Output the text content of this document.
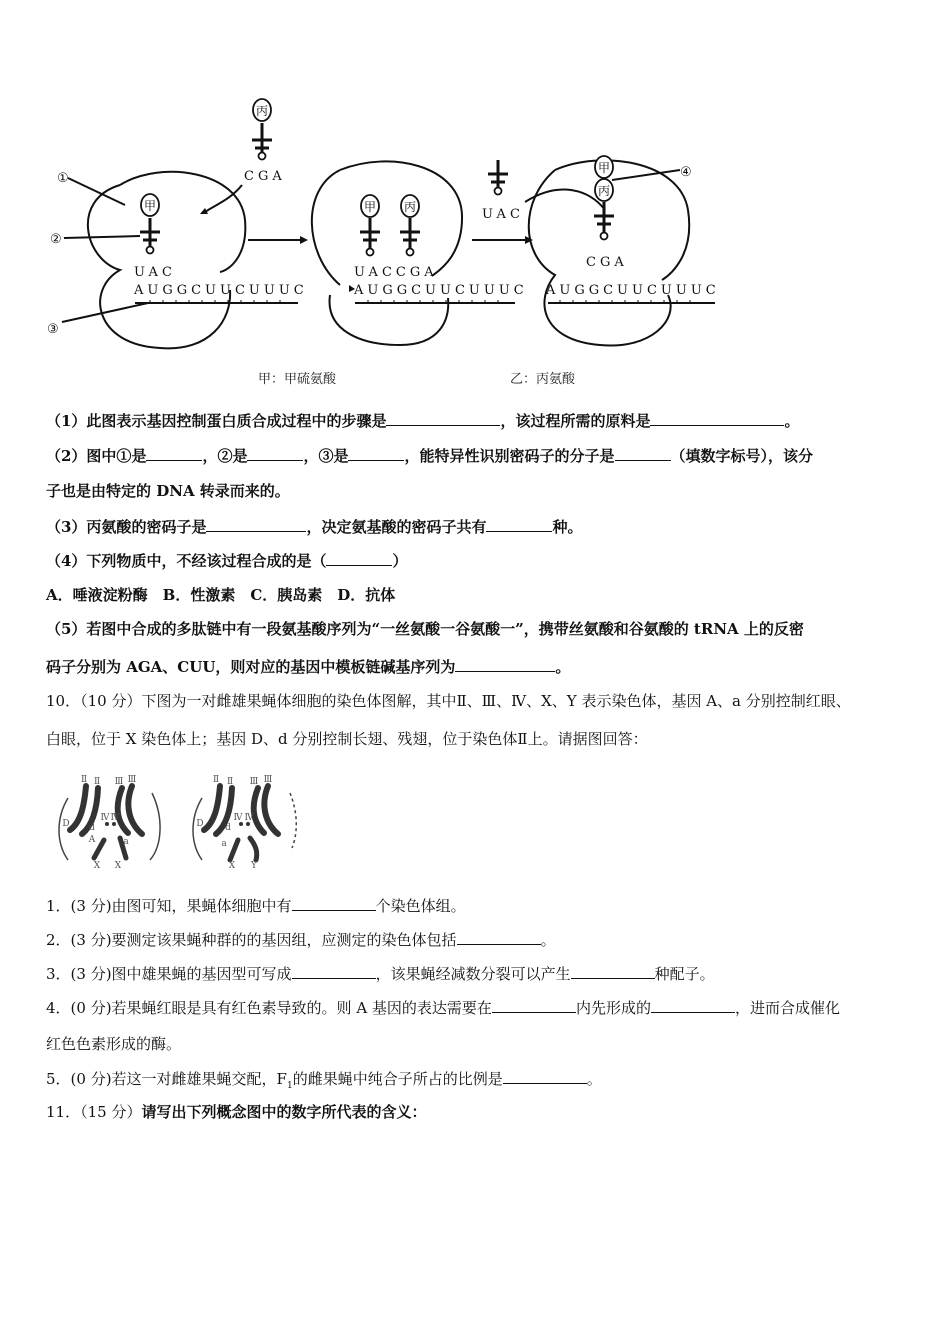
丙
甲	甲 丙
甲
丙
①
②
③
④
CGA
UAC
AUGGCUUCUUUC
UACCGA
AUGGCUUCUUUC
UAC
CGA
AUGGCUUCUUUC
甲：甲硫氨酸	乙：丙氨酸
（1）此图表示基因控制蛋白质合成过程中的步骤是	，该过程所需的原料是	。
（2）图中①是	，②是	，③是	，能特异性识别密码子的分子是	（填数字标号），该分
子也是由特定的 DNA 转录而来的。
（3）丙氨酸的密码子是	，决定氨基酸的密码子共有	种。
（4）下列物质中，不经该过程合成的是（	）
A．唾液淀粉酶　B．性激素　C．胰岛素　D．抗体
（5）若图中合成的多肽链中有一段氨基酸序列为“一丝氨酸一谷氨酸一”，携带丝氨酸和谷氨酸的 tRNA 上的反密
码子分别为 AGA、CUU，则对应的基因中模板链碱基序列为	。
10．（10 分）下图为一对雌雄果蝇体细胞的染色体图解，其中Ⅱ、Ⅲ、Ⅳ、X、Y 表示染色体，基因 A、a 分别控制红眼、
白眼，位于 X 染色体上；基因 D、d 分别控制长翅、残翅，位于染色体Ⅱ上。请据图回答：
Ⅱ Ⅱ Ⅲ Ⅲ
Ⅳ Ⅳ
D d
A	a
X X
Ⅱ Ⅱ Ⅲ Ⅲ
Ⅳ Ⅳ
D d
a
X Y
1．(3 分)由图可知，果蝇体细胞中有	个染色体组。
2．(3 分)要测定该果蝇种群的的基因组，应测定的染色体包括	。
3．(3 分)图中雄果蝇的基因型可写成	，该果蝇经减数分裂可以产生	种配子。
4．(0 分)若果蝇红眼是具有红色素导致的。则 A 基因的表达需要在	内先形成的	，进而合成催化
红色色素形成的酶。
5．(0 分)若这一对雌雄果蝇交配，$F_1$的雌果蝇中纯合子所占的比例是	。
11．（15 分）请写出下列概念图中的数字所代表的含义：
